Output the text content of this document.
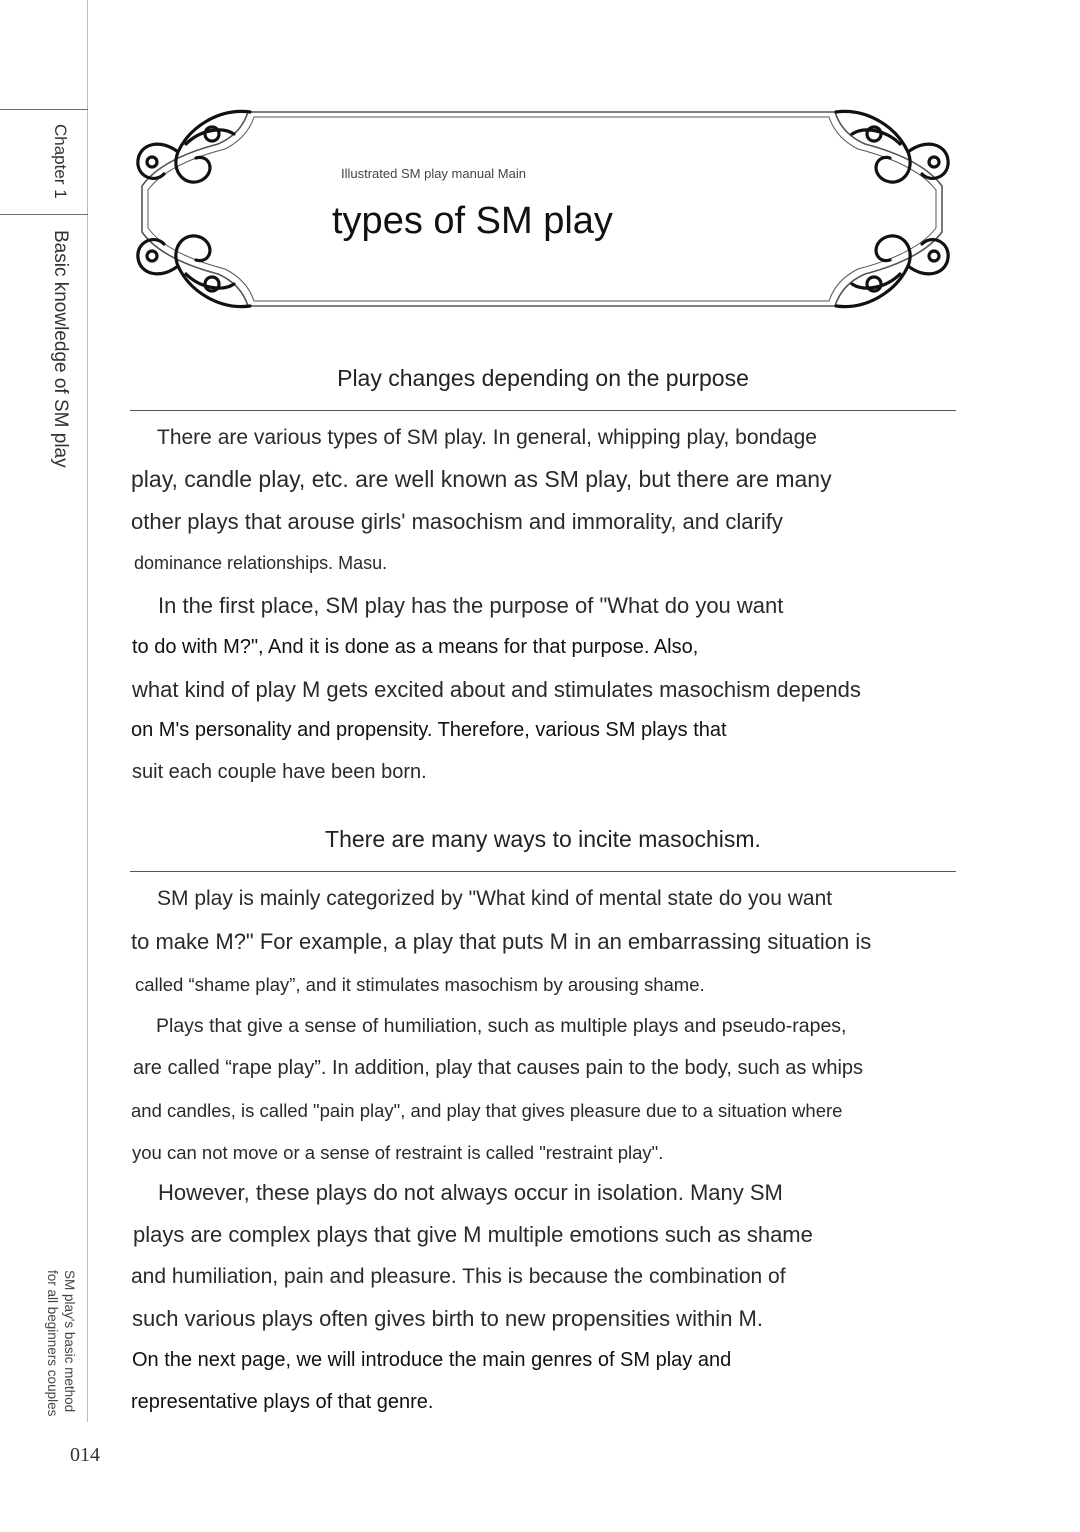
Chapter 1
Basic knowledge of SM play
SM play's basic method
for all beginners couples
014
Illustrated SM play manual Main
types of SM play
Play changes depending on the purpose
There are various types of SM play. In general, whipping play, bondage
play, candle play, etc. are well known as SM play, but there are many
other plays that arouse girls' masochism and immorality, and clarify
dominance relationships. Masu.
In the first place, SM play has the purpose of "What do you want
to do with M?", And it is done as a means for that purpose. Also,
what kind of play M gets excited about and stimulates masochism depends
on M's personality and propensity. Therefore, various SM plays that
suit each couple have been born.
There are many ways to incite masochism.
SM play is mainly categorized by "What kind of mental state do you want
to make M?" For example, a play that puts M in an embarrassing situation is
called “shame play”, and it stimulates masochism by arousing shame.
Plays that give a sense of humiliation, such as multiple plays and pseudo-rapes,
are called “rape play”. In addition, play that causes pain to the body, such as whips
and candles, is called "pain play", and play that gives pleasure due to a situation where
you can not move or a sense of restraint is called "restraint play".
However, these plays do not always occur in isolation. Many SM
plays are complex plays that give M multiple emotions such as shame
and humiliation, pain and pleasure. This is because the combination of
such various plays often gives birth to new propensities within M.
On the next page, we will introduce the main genres of SM play and
representative plays of that genre.
